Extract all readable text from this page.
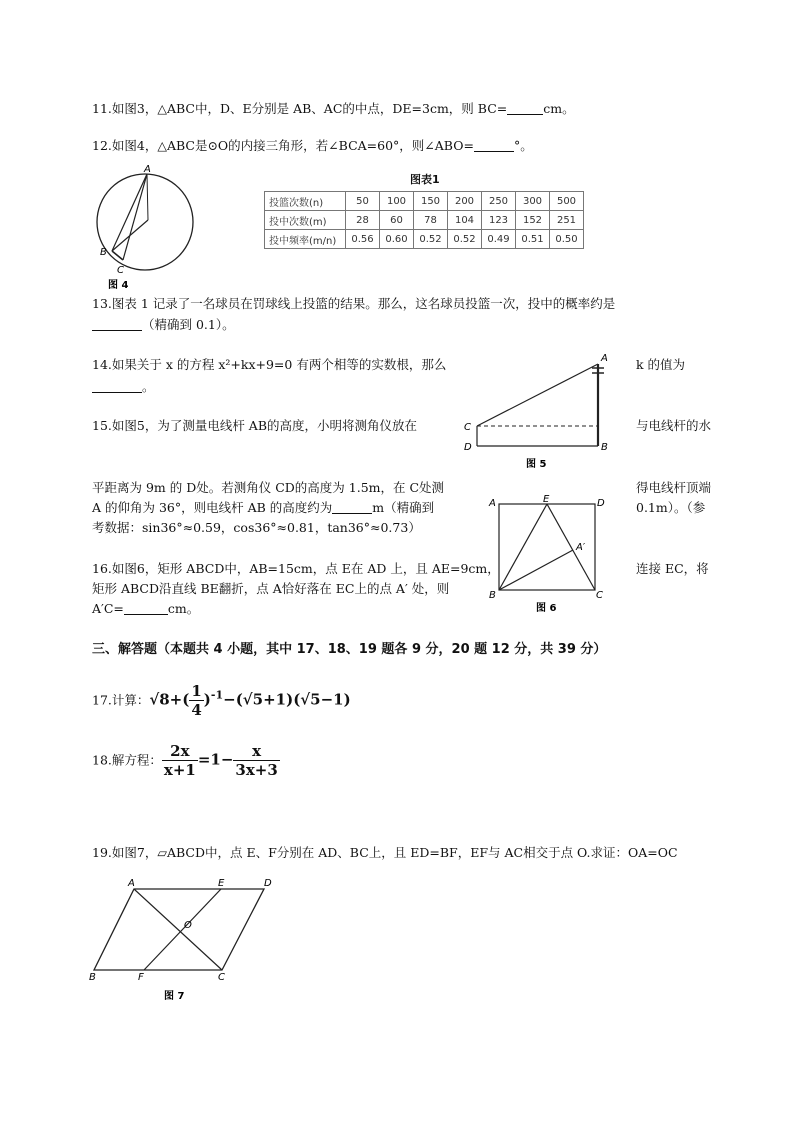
11.如图3，△ABC中，D、E分别是 AB、AC的中点，DE=3cm，则 BC=	cm。
12.如图4，△ABC是⊙O的内接三角形，若∠BCA=60°，则∠ABO=	°。
A
B
C
图 4
图表1
投篮次数(n)	50	100	150	200	250	300	500
投中次数(m)	28	60	78	104	123	152	251
投中频率(m/n)	0.56	0.60	0.52	0.52	0.49	0.51	0.50
13.图表 1 记录了一名球员在罚球线上投篮的结果。那么，这名球员投篮一次，投中的概率约是
（精确到 0.1）。
14.如果关于 x 的方程 x²+kx+9=0 有两个相等的实数根，那么	k 的值为
。
A
C
D	B
图 5
15.如图5，为了测量电线杆 AB的高度，小明将测角仪放在	与电线杆的水
平距离为 9m 的 D处。若测角仪 CD的高度为 1.5m，在 C处测	得电线杆顶端
A 的仰角为 36°，则电线杆 AB 的高度约为	m（精确到	0.1m）。（参
考数据：sin36°≈0.59，cos36°≈0.81，tan36°≈0.73）
A	E	D
A′
B	C
图 6
16.如图6，矩形 ABCD中，AB=15cm，点 E在 AD 上，且 AE=9cm，	连接 EC，将
矩形 ABCD沿直线 BE翻折，点 A恰好落在 EC上的点 A′ 处，则
A′C=	cm。
三、解答题（本题共 4 小题，其中 17、18、19 题各 9 分，20 题 12 分，共 39 分）
17.计算：$√8+( \frac{1}{4} )^{-1}-(√5+1)(√5-1)$
18.解方程： $\frac{2x}{x+1} =1- \frac{x}{3x+3}$
19.如图7，▱ABCD中，点 E、F分别在 AD、BC上，且 ED=BF，EF与 AC相交于点 O.求证：OA=OC
A	E	D
O
B	F	C
图 7
